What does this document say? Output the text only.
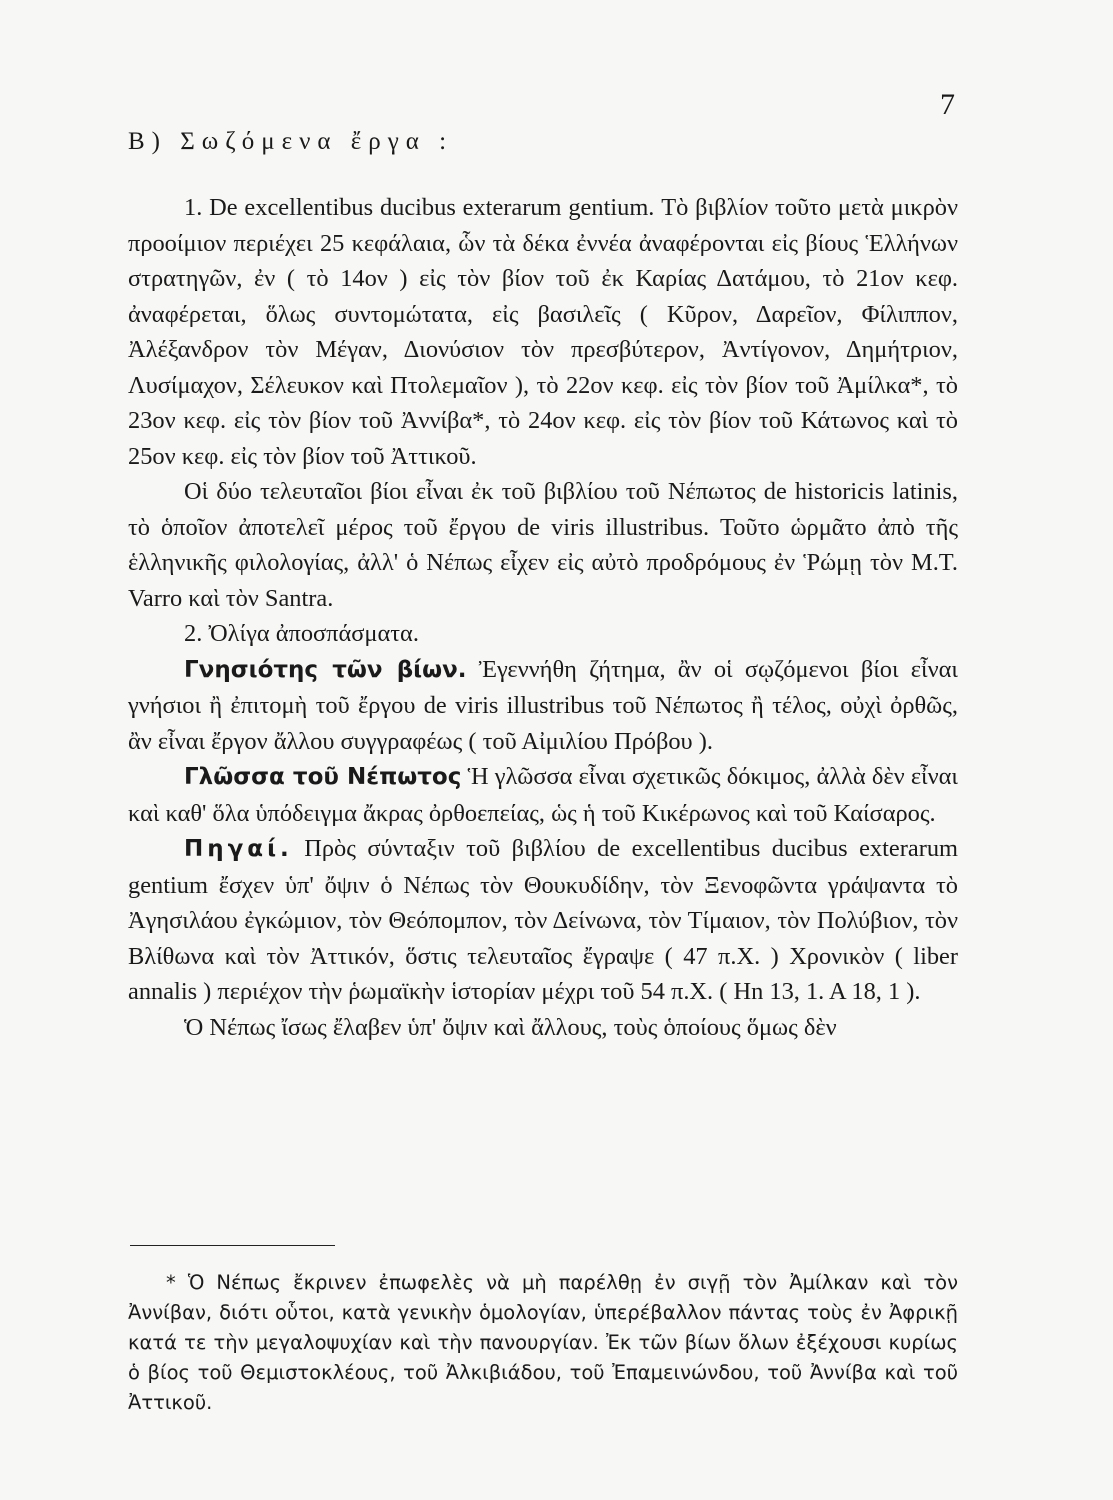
7
Β) Σωζόμενα ἔργα :

1. De excellentibus ducibus exterarum gentium. Τὸ βιβλίον τοῦτο μετὰ μικρὸν προοίμιον περιέχει 25 κεφάλαια, ὧν τὰ δέκα ἐννέα ἀναφέρονται εἰς βίους Ἑλλήνων στρατηγῶν, ἐν ( τὸ 14ον ) εἰς τὸν βίον τοῦ ἐκ Καρίας Δατάμου, τὸ 21ον κεφ. ἀναφέρεται, ὅλως συντομώτατα, εἰς βασιλεῖς ( Κῦρον, Δαρεῖον, Φίλιππον, Ἀλέξανδρον τὸν Μέγαν, Διονύσιον τὸν πρεσβύτερον, Ἀντίγονον, Δημήτριον, Λυσίμαχον, Σέλευκον καὶ Πτολεμαῖον ), τὸ 22ον κεφ. εἰς τὸν βίον τοῦ Ἀμίλκα*, τὸ 23ον κεφ. εἰς τὸν βίον τοῦ Ἀννίβα*, τὸ 24ον κεφ. εἰς τὸν βίον τοῦ Κάτωνος καὶ τὸ 25ον κεφ. εἰς τὸν βίον τοῦ Ἀττικοῦ.

Οἱ δύο τελευταῖοι βίοι εἶναι ἐκ τοῦ βιβλίου τοῦ Νέπωτος de historicis latinis, τὸ ὁποῖον ἀποτελεῖ μέρος τοῦ ἔργου de viris illustribus. Τοῦτο ὡρμᾶτο ἀπὸ τῆς ἑλληνικῆς φιλολογίας, ἀλλ' ὁ Νέπως εἶχεν εἰς αὐτὸ προδρόμους ἐν Ῥώμῃ τὸν M.T. Varro καὶ τὸν Santra.

2. Ὀλίγα ἀποσπάσματα.

Γνησιότης τῶν βίων. Ἐγεννήθη ζήτημα, ἂν οἱ σῳζόμενοι βίοι εἶναι γνήσιοι ἢ ἐπιτομὴ τοῦ ἔργου de viris illustribus τοῦ Νέπωτος ἢ τέλος, οὐχὶ ὀρθῶς, ἂν εἶναι ἔργον ἄλλου συγγραφέως ( τοῦ Αἰμιλίου Πρόβου ).

Γλῶσσα τοῦ Νέπωτος Ἡ γλῶσσα εἶναι σχετικῶς δόκιμος, ἀλλὰ δὲν εἶναι καὶ καθ' ὅλα ὑπόδειγμα ἄκρας ὀρθοεπείας, ὡς ἡ τοῦ Κικέρωνος καὶ τοῦ Καίσαρος.

Πηγαί. Πρὸς σύνταξιν τοῦ βιβλίου de excellentibus ducibus exterarum gentium ἔσχεν ὑπ' ὄψιν ὁ Νέπως τὸν Θουκυδίδην, τὸν Ξενοφῶντα γράψαντα τὸ Ἀγησιλάου ἐγκώμιον, τὸν Θεόπομπον, τὸν Δείνωνα, τὸν Τίμαιον, τὸν Πολύβιον, τὸν Βλίθωνα καὶ τὸν Ἀττικόν, ὅστις τελευταῖος ἔγραψε ( 47 π.Χ. ) Χρονικὸν ( liber annalis ) περιέχον τὴν ῥωμαϊκὴν ἱστορίαν μέχρι τοῦ 54 π.Χ. ( Hn 13, 1. A 18, 1 ).

Ὁ Νέπως ἴσως ἔλαβεν ὑπ' ὄψιν καὶ ἄλλους, τοὺς ὁποίους ὅμως δὲν

* Ὁ Νέπως ἔκρινεν ἐπωφελὲς νὰ μὴ παρέλθῃ ἐν σιγῇ τὸν Ἀμίλκαν καὶ τὸν Ἀννίβαν, διότι οὗτοι, κατὰ γενικὴν ὁμολογίαν, ὑπερέβαλλον πάντας τοὺς ἐν Ἀφρικῇ κατά τε τὴν μεγαλοψυχίαν καὶ τὴν πανουργίαν. Ἐκ τῶν βίων ὅλων ἐξέχουσι κυρίως ὁ βίος τοῦ Θεμιστοκλέους, τοῦ Ἀλκιβιάδου, τοῦ Ἐπαμεινώνδου, τοῦ Ἀννίβα καὶ τοῦ Ἀττικοῦ.
